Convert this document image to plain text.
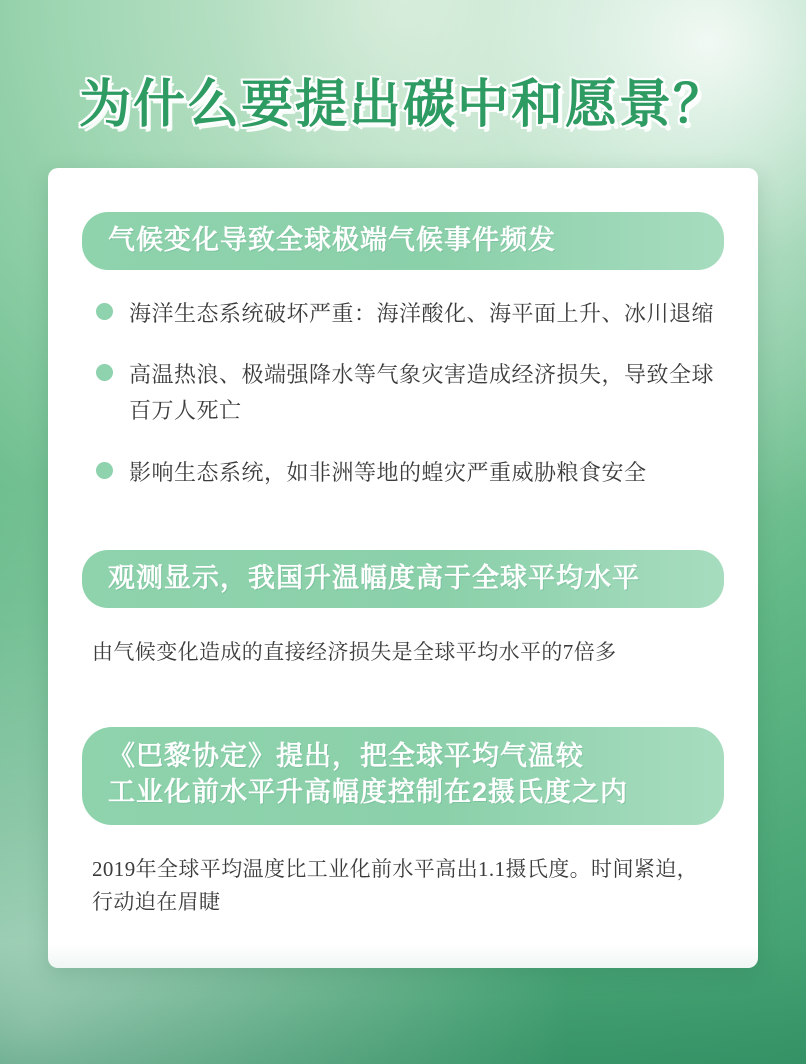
为什么要提出碳中和愿景？
气候变化导致全球极端气候事件频发
海洋生态系统破坏严重：海洋酸化、海平面上升、冰川退缩
高温热浪、极端强降水等气象灾害造成经济损失，导致全球百万人死亡
影响生态系统，如非洲等地的蝗灾严重威胁粮食安全
观测显示，我国升温幅度高于全球平均水平
由气候变化造成的直接经济损失是全球平均水平的7倍多
《巴黎协定》提出，把全球平均气温较
工业化前水平升高幅度控制在2摄氏度之内
2019年全球平均温度比工业化前水平高出1.1摄氏度。时间紧迫，行动迫在眉睫
